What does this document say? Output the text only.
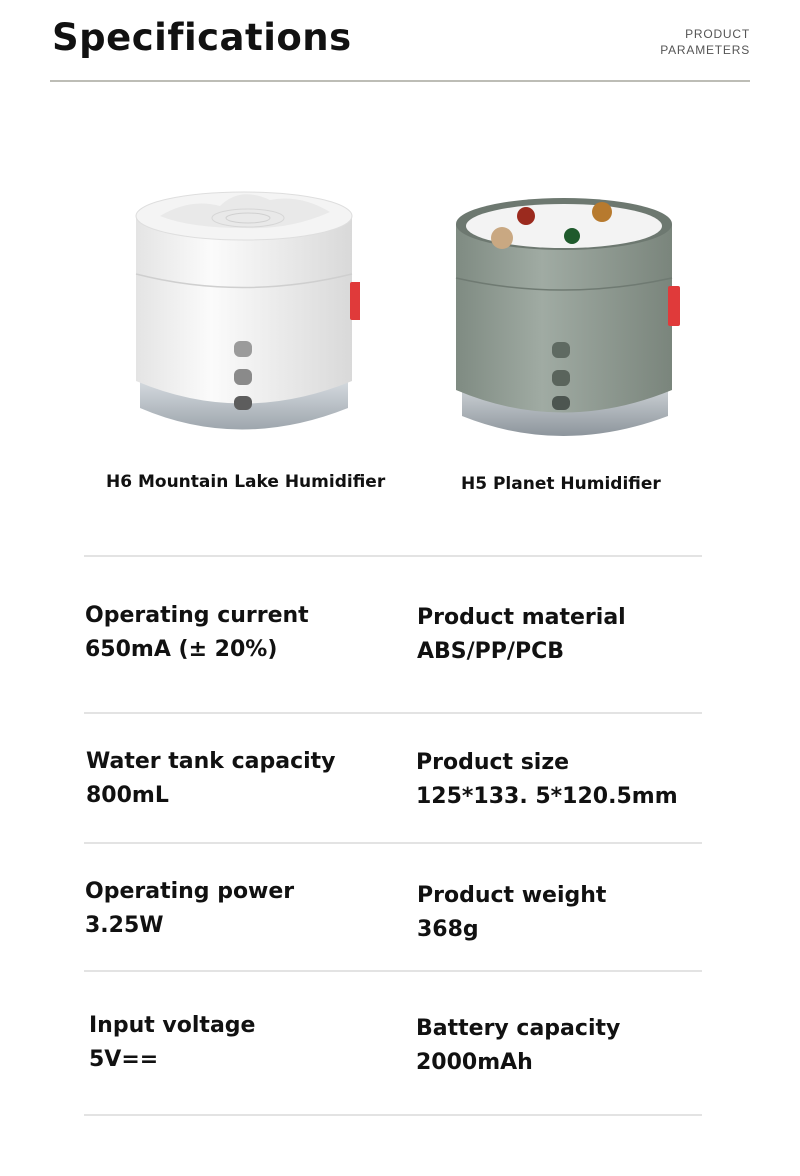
Specifications	PRODUCT
PARAMETERS
H6 Mountain Lake Humidifier	H5 Planet Humidifier
Operating current
650mA (± 20%)
Product material
ABS/PP/PCB
Water tank capacity
800mL
Product size
125*133. 5*120.5mm
Operating power
3.25W
Product weight
368g
Input voltage
5V==
Battery capacity
2000mAh
